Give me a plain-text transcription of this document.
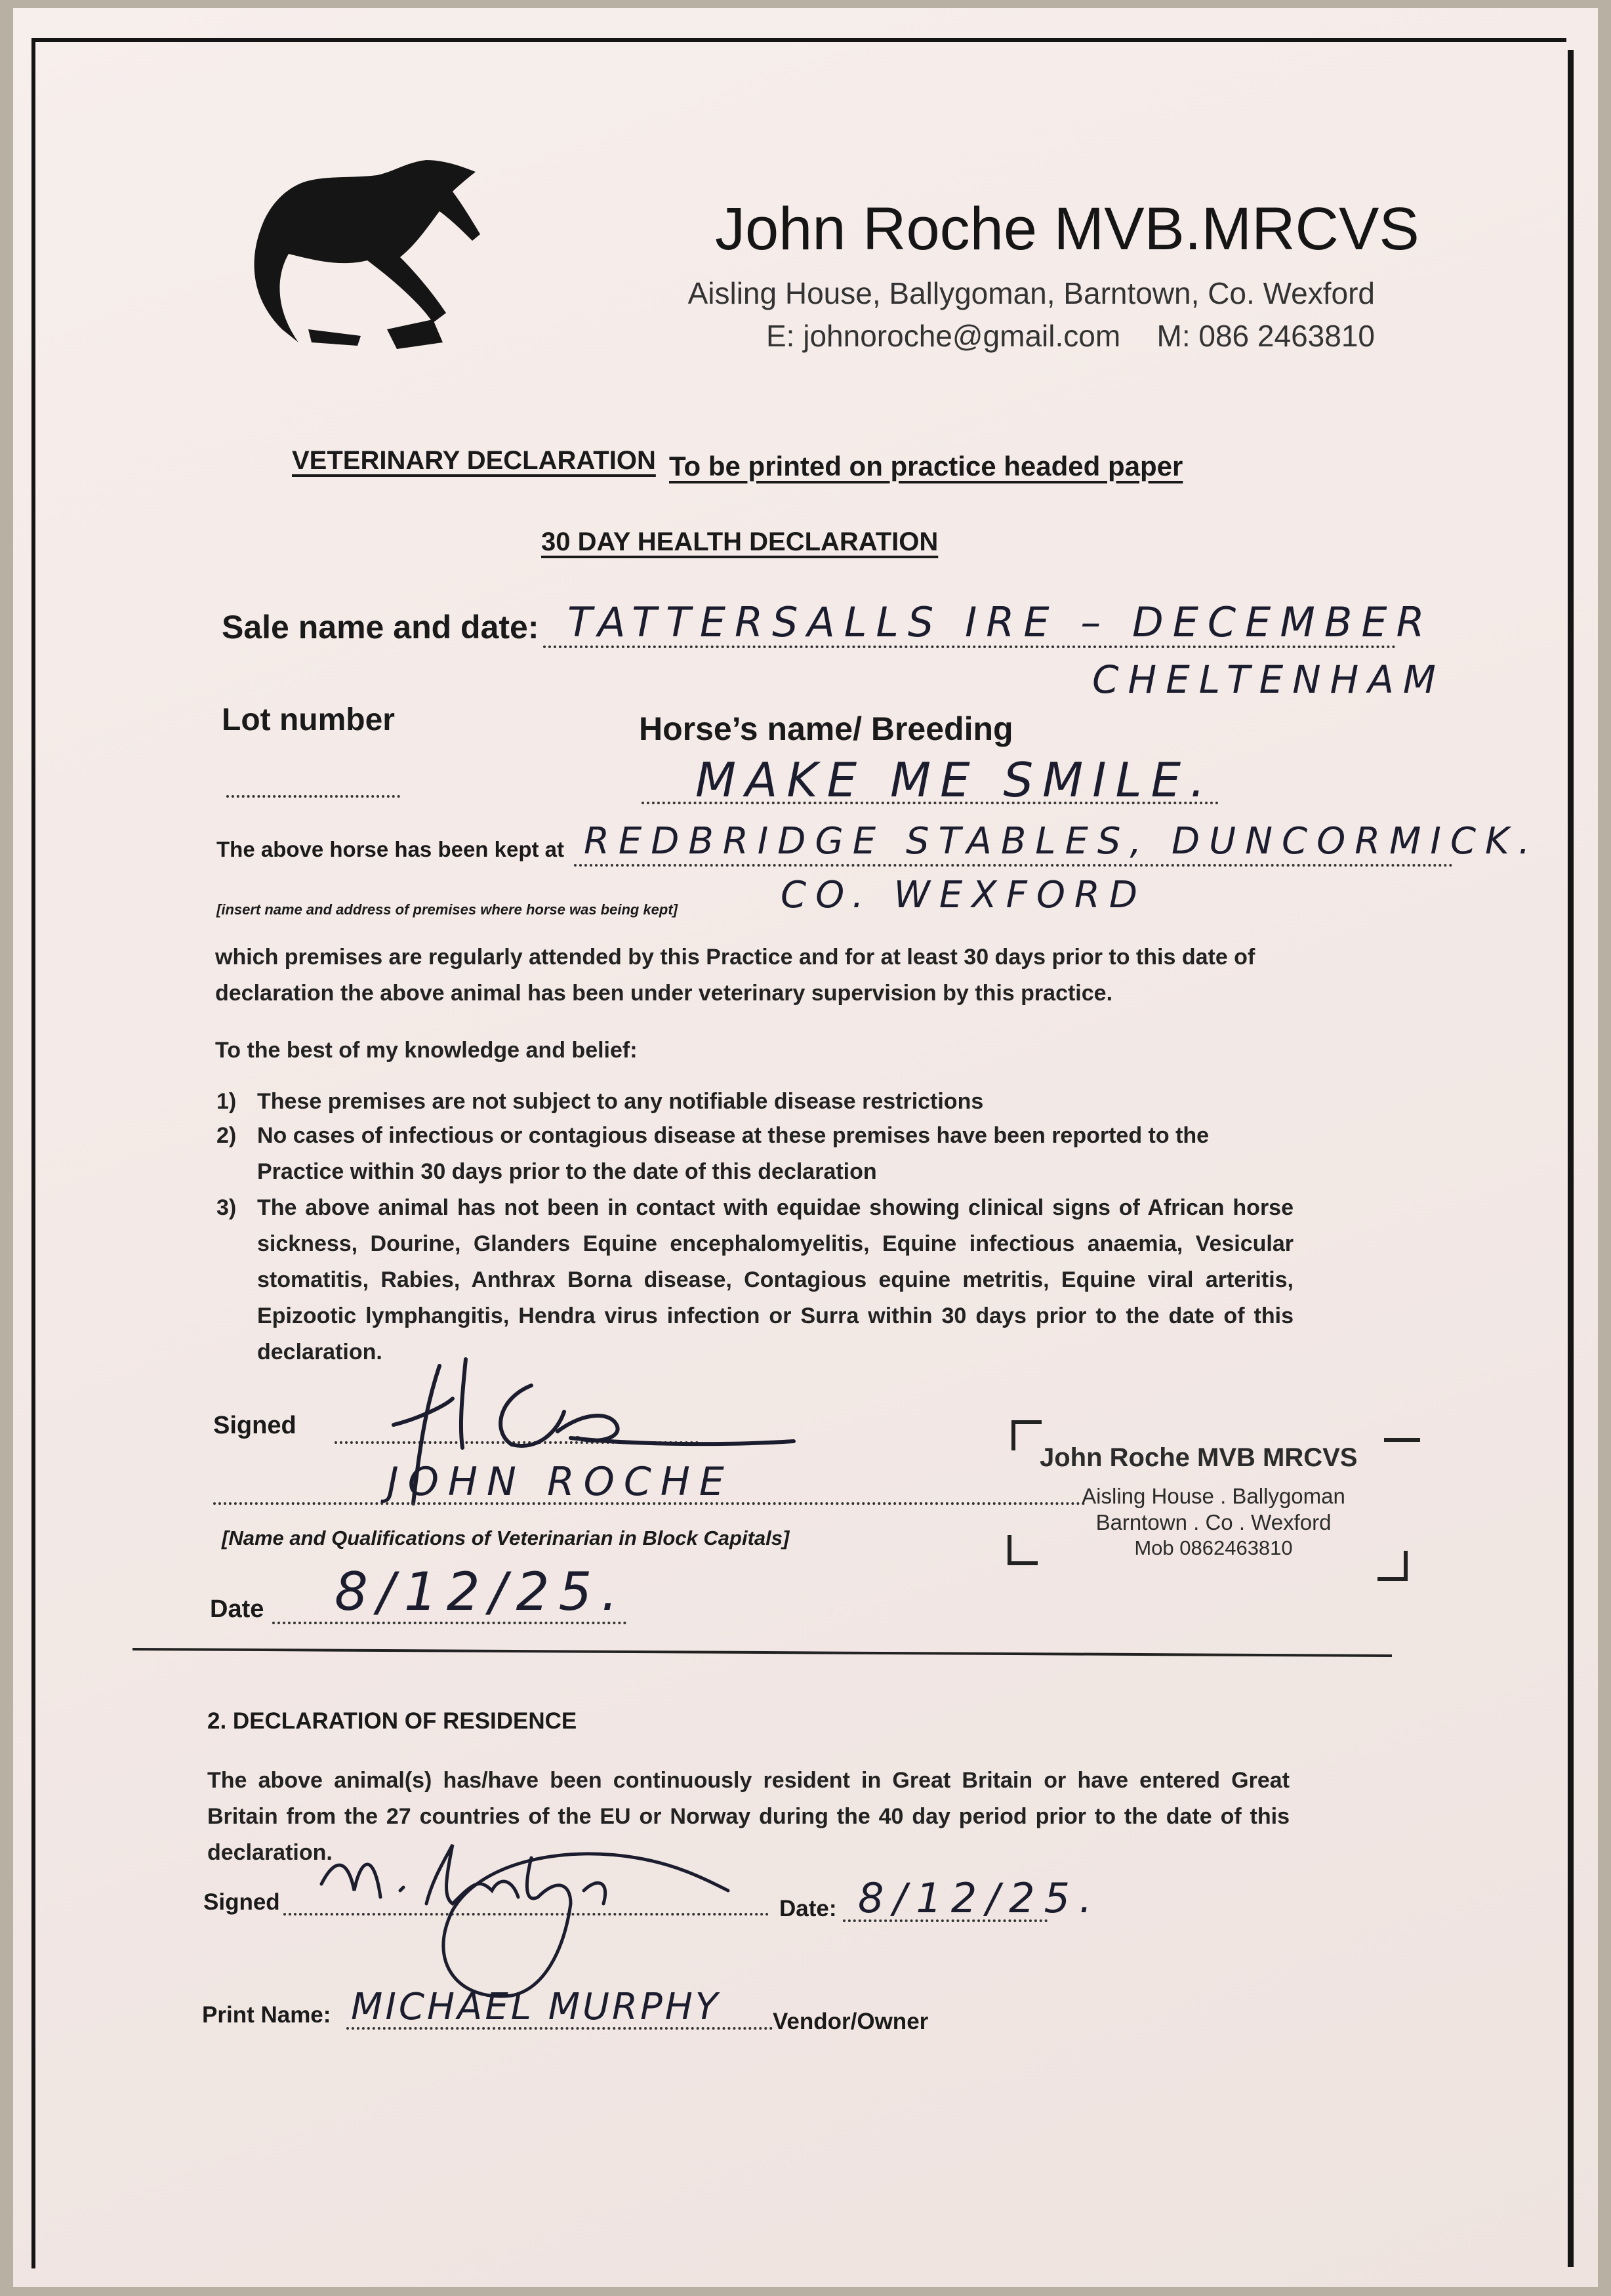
John Roche MVB.MRCVS
Aisling House, Ballygoman, Barntown, Co. Wexford
E: johnoroche@gmail.com M: 086 2463810
VETERINARY DECLARATION To be printed on practice headed paper
30 DAY HEALTH DECLARATION
Sale name and date: TATTERSALLS IRE – DECEMBER
CHELTENHAM
Lot number	Horse’s name/ Breeding
MAKE ME SMILE.
The above horse has been kept at REDBRIDGE STABLES, DUNCORMICK.
[insert name and address of premises where horse was being kept]	CO. WEXFORD
which premises are regularly attended by this Practice and for at least 30 days prior to this date of declaration the above animal has been under veterinary supervision by this practice.
To the best of my knowledge and belief:
1) These premises are not subject to any notifiable disease restrictions
2) No cases of infectious or contagious disease at these premises have been reported to the Practice within 30 days prior to the date of this declaration
3) The above animal has not been in contact with equidae showing clinical signs of African horse sickness, Dourine, Glanders Equine encephalomyelitis, Equine infectious anaemia, Vesicular stomatitis, Rabies, Anthrax Borna disease, Contagious equine metritis, Equine viral arteritis, Epizootic lymphangitis, Hendra virus infection or Surra within 30 days prior to the date of this declaration.
Signed
JOHN ROCHE
[Name and Qualifications of Veterinarian in Block Capitals]
Date 8/12/25.
John Roche MVB MRCVS
Aisling House . Ballygoman
Barntown . Co . Wexford
Mob 0862463810
2. DECLARATION OF RESIDENCE
The above animal(s) has/have been continuously resident in Great Britain or have entered Great Britain from the 27 countries of the EU or Norway during the 40 day period prior to the date of this declaration.
Signed	Date: 8/12/25.
Print Name: MICHAEL MURPHY Vendor/Owner
